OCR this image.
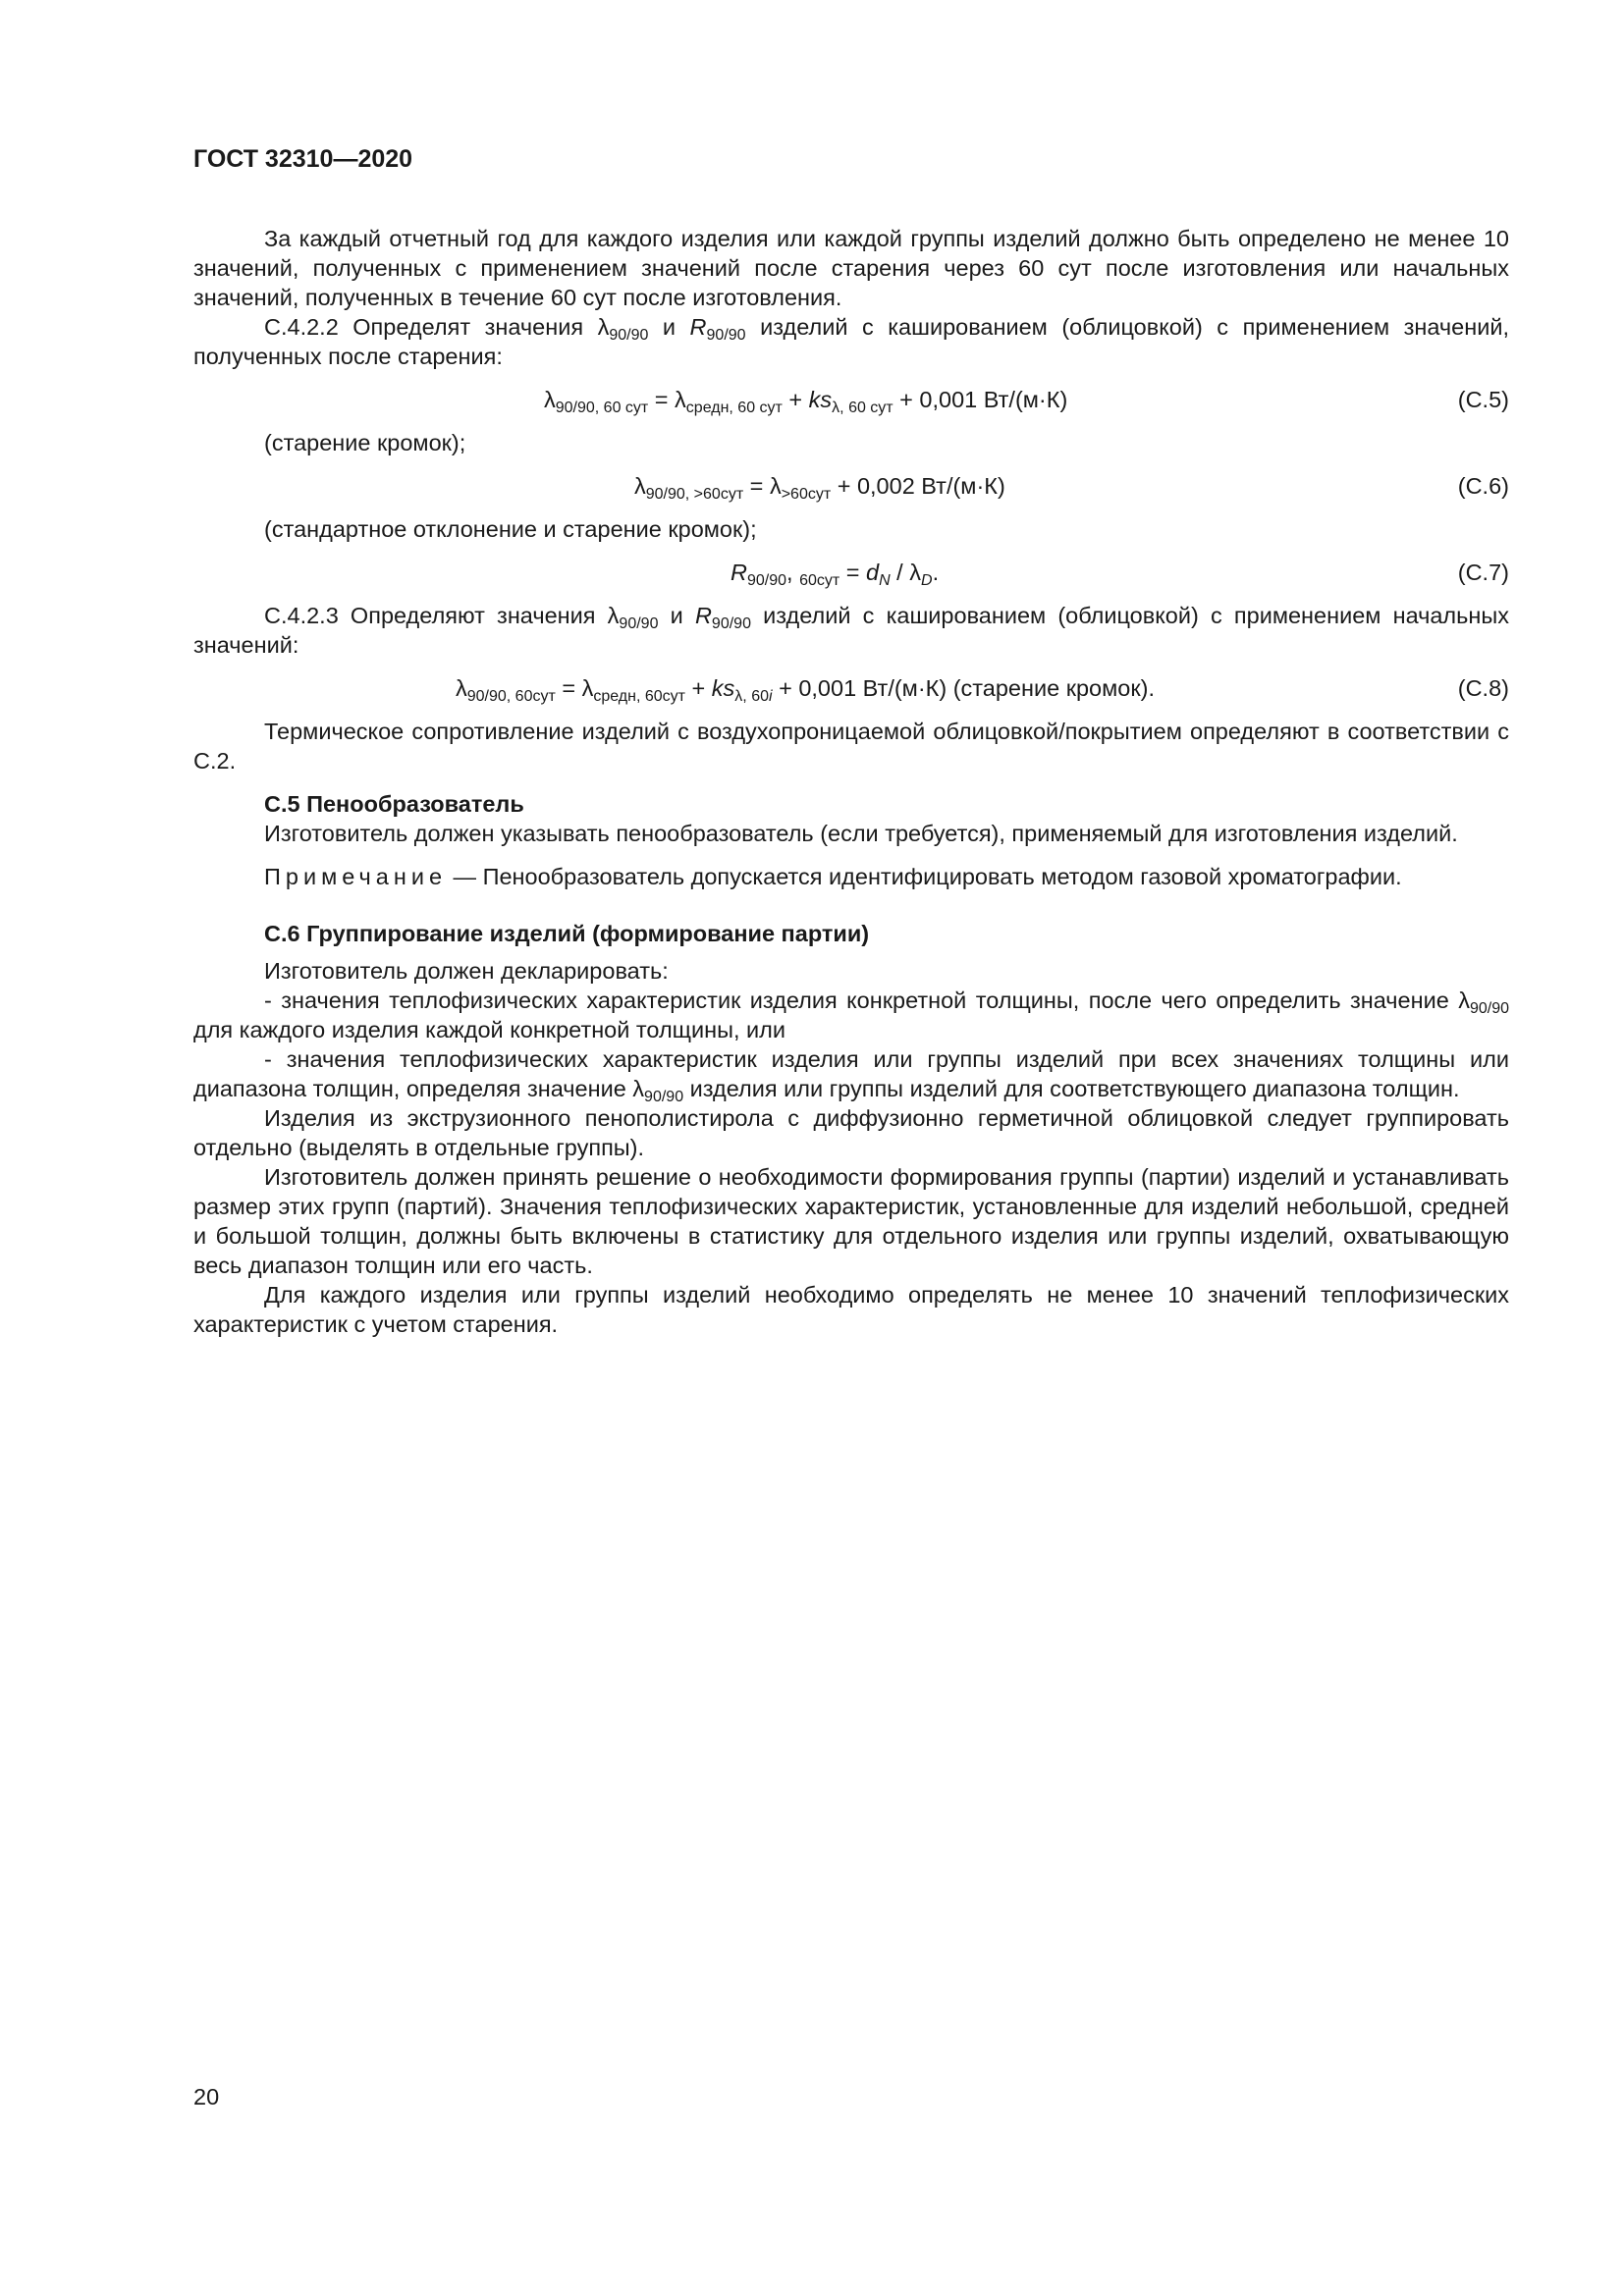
ГОСТ 32310—2020

За каждый отчетный год для каждого изделия или каждой группы изделий должно быть определено не менее 10 значений, полученных с применением значений после старения через 60 сут после изготовления или начальных значений, полученных в течение 60 сут после изготовления.

С.4.2.2 Определят значения $\lambda_{90/90}$ и $R_{90/90}$ изделий с кашированием (облицовкой) с применением значений, полученных после старения:

$\lambda_{90/90, 60 сут} = \lambda_{средн, 60 сут} + ks_{\lambda, 60 сут} + 0,001$ Вт/(м·К)	(С.5)

(старение кромок);

$\lambda_{90/90, >60сут} = \lambda_{>60сут} + 0,002$ Вт/(м·К)	(С.6)

(стандартное отклонение и старение кромок);

$R_{90/90}$, $_{60сут} = d_N / \lambda_D$.	(С.7)

С.4.2.3 Определяют значения $\lambda_{90/90}$ и $R_{90/90}$ изделий с кашированием (облицовкой) с применением начальных значений:

$\lambda_{90/90, 60сут} = \lambda_{средн, 60сут} + ks_{\lambda, 60i} + 0,001$ Вт/(м·К) (старение кромок).	(С.8)

Термическое сопротивление изделий с воздухопроницаемой облицовкой/покрытием определяют в соответствии с С.2.

С.5 Пенообразователь

Изготовитель должен указывать пенообразователь (если требуется), применяемый для изготовления изделий.

Примечание — Пенообразователь допускается идентифицировать методом газовой хроматографии.

С.6 Группирование изделий (формирование партии)

Изготовитель должен декларировать:

- значения теплофизических характеристик изделия конкретной толщины, после чего определить значение $\lambda_{90/90}$ для каждого изделия каждой конкретной толщины, или

- значения теплофизических характеристик изделия или группы изделий при всех значениях толщины или диапазона толщин, определяя значение $\lambda_{90/90}$ изделия или группы изделий для соответствующего диапазона толщин.

Изделия из экструзионного пенополистирола с диффузионно герметичной облицовкой следует группировать отдельно (выделять в отдельные группы).

Изготовитель должен принять решение о необходимости формирования группы (партии) изделий и устанавливать размер этих групп (партий). Значения теплофизических характеристик, установленные для изделий небольшой, средней и большой толщин, должны быть включены в статистику для отдельного изделия или группы изделий, охватывающую весь диапазон толщин или его часть.

Для каждого изделия или группы изделий необходимо определять не менее 10 значений теплофизических характеристик с учетом старения.

20
